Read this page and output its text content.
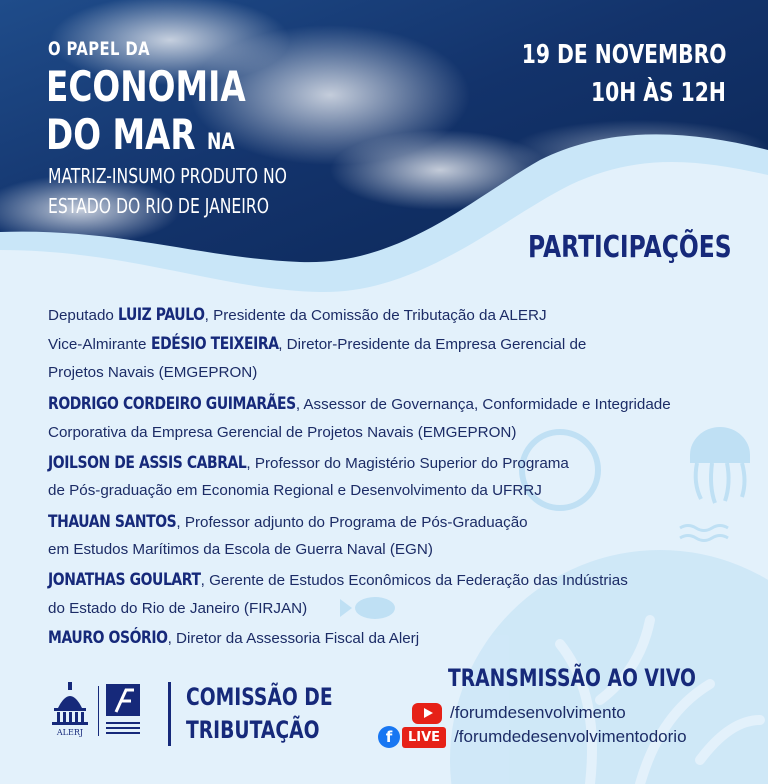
O PAPEL DA
ECONOMIA
DO MAR NA
MATRIZ-INSUMO PRODUTO NO
ESTADO DO RIO DE JANEIRO
19 DE NOVEMBRO
10H ÀS 12H
PARTICIPAÇÕES
Deputado LUIZ PAULO, Presidente da Comissão de Tributação da ALERJ
Vice-Almirante EDÉSIO TEIXEIRA, Diretor-Presidente da Empresa Gerencial de
Projetos Navais (EMGEPRON)
RODRIGO CORDEIRO GUIMARÃES, Assessor de Governança, Conformidade e Integridade
Corporativa da Empresa Gerencial de Projetos Navais (EMGEPRON)
JOILSON DE ASSIS CABRAL, Professor do Magistério Superior do Programa
de Pós-graduação em Economia Regional e Desenvolvimento da UFRRJ
THAUAN SANTOS, Professor adjunto do Programa de Pós-Graduação
em Estudos Marítimos da Escola de Guerra Naval (EGN)
JONATHAS GOULART, Gerente de Estudos Econômicos da Federação das Indústrias
do Estado do Rio de Janeiro (FIRJAN)
MAURO OSÓRIO, Diretor da Assessoria Fiscal da Alerj
ALERJ
COMISSÃO DE
TRIBUTAÇÃO
TRANSMISSÃO AO VIVO
/forumdesenvolvimento
f	LIVE /forumdedesenvolvimentodorio
